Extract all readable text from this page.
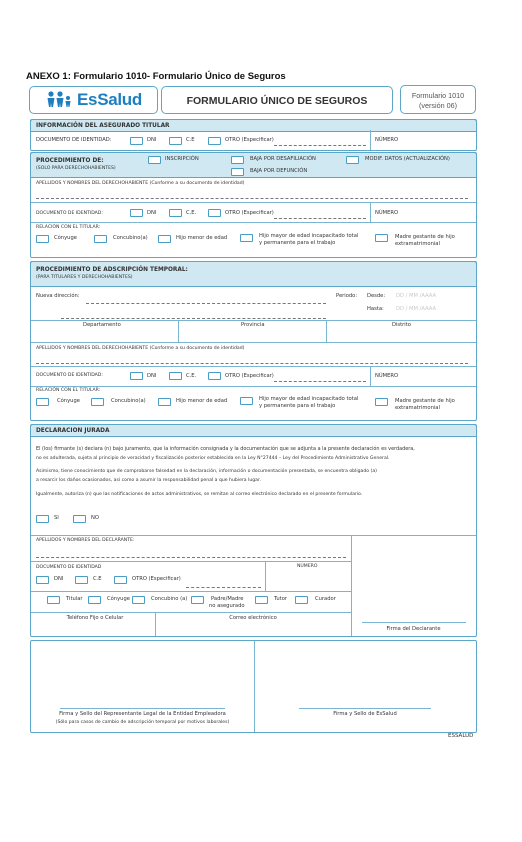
ANEXO 1: Formulario 1010- Formulario Único de Seguros
EsSalud	FORMULARIO ÚNICO DE SEGUROS	Formulario 1010
(versión 06)
INFORMACIÓN DEL ASEGURADO TITULAR
DOCUMENTO DE IDENTIDAD:	DNI	C.E	OTRO (Especificar)	NÚMERO
PROCEDIMIENTO DE:
(SOLO PARA DERECHOHABIENTES)
INSCRIPCIÓN	BAJA POR DESAFILIACIÓN	MODIF. DATOS (ACTUALIZACIÓN)
BAJA POR DEFUNCIÓN
APELLIDOS Y NOMBRES DEL DERECHOHABIENTE (Conforme a su documento de identidad)
DOCUMENTO DE IDENTIDAD:	DNI	C.E.	OTRO (Especificar)	NÚMERO
RELACIÓN CON EL TITULAR:
Cónyuge	Concubino(a)	Hijo menor de edad	Hijo mayor de edad incapacitado total
y permanente para el trabajo
Madre gestante de hijo
extramatrimonial
PROCEDIMIENTO DE ADSCRIPCIÓN TEMPORAL:
(PARA TITULARES Y DERECHOHABIENTES)
Nueva dirección:	Periodo: Desde: DD / MM /AAAA
Hasta: DD / MM /AAAA
Departamento	Provincia	Distrito
APELLIDOS Y NOMBRES DEL DERECHOHABIENTE (Conforme a su documento de identidad)
DOCUMENTO DE IDENTIDAD:	DNI	C.E.	OTRO (Especificar)	NÚMERO
RELACIÓN CON EL TITULAR:
Cónyuge	Concubino(a)	Hijo menor de edad	Hijo mayor de edad incapacitado total
y permanente para el trabajo
Madre gestante de hijo
extramatrimonial
DECLARACION JURADA
El (los) firmante (s) declara (n) bajo juramento, que la información consignada y la documentación que se adjunta a la presente declaración es verdadera,
no es adulterada, sujeta al principio de veracidad y fiscalización posterior establecida en la Ley N°27444 – Ley del Procedimiento Administrativo General.
Asimismo, tiene conocimiento que de comprobarse falsedad en la declaración, información o documentación presentada, se encuentra obligado (a)
a resarcir los daños ocasionados, así como a asumir la responsabilidad penal a que hubiera lugar.
Igualmente, autoriza (n) que las notificaciones de actos administrativos, se remitan al correo electrónico declarado en el presente formulario.
SI	NO
APELLIDOS Y NOMBRES DEL DECLARANTE:
DOCUMENTO DE IDENTIDAD	NÚMERO
DNI	C.E	OTRO (Especificar)
Titular	Cónyuge	Concubino (a)	Padre/Madre
no asegurado
Tutor	Curador
Teléfono Fijo o Celular	Correo electrónico
Firma del Declarante
Firma y Sello del Representante Legal de la Entidad Empleadora
(Sólo para casos de cambio de adscripción temporal por motivos laborales)
Firma y Sello de EsSalud
ESSALUD
